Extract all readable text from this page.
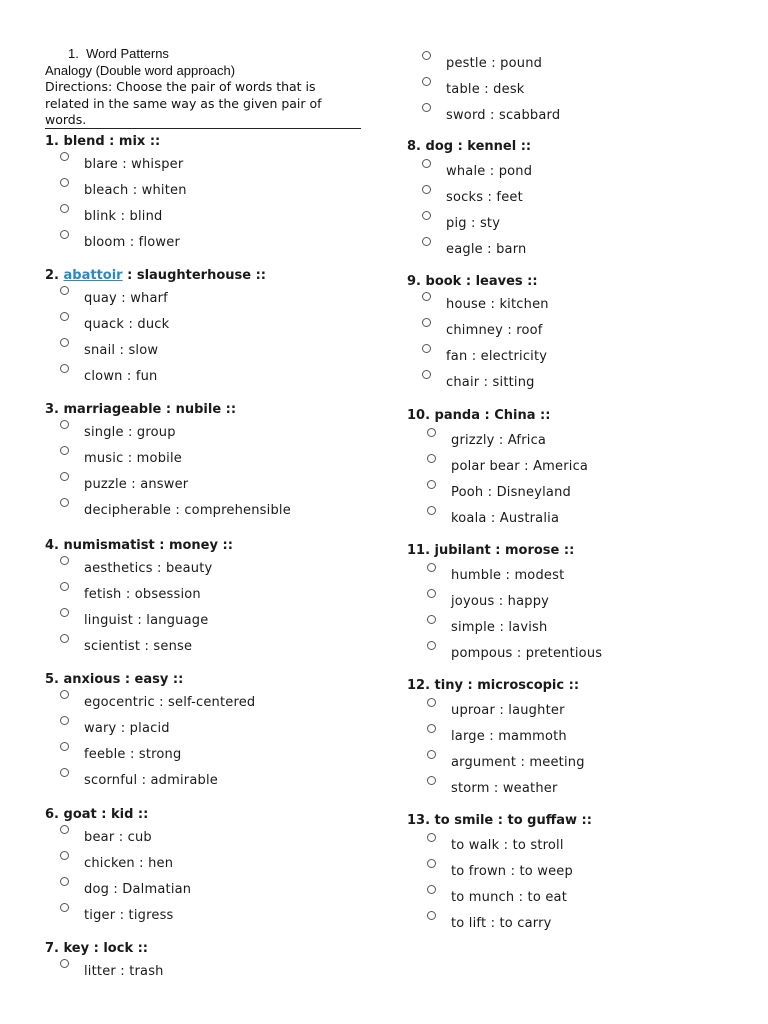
1. Word Patterns
Analogy (Double word approach)
Directions: Choose the pair of words that is related in the same way as the given pair of words.
1. blend : mix ::
blare : whisper
bleach : whiten
blink : blind
bloom : flower
2. abattoir : slaughterhouse ::
quay : wharf
quack : duck
snail : slow
clown : fun
3. marriageable : nubile ::
single : group
music : mobile
puzzle : answer
decipherable : comprehensible
4. numismatist : money ::
aesthetics : beauty
fetish : obsession
linguist : language
scientist : sense
5. anxious : easy ::
egocentric : self-centered
wary : placid
feeble : strong
scornful : admirable
6. goat : kid ::
bear : cub
chicken : hen
dog : Dalmatian
tiger : tigress
7. key : lock ::
litter : trash
pestle : pound
table : desk
sword : scabbard
8. dog : kennel ::
whale : pond
socks : feet
pig : sty
eagle : barn
9. book : leaves ::
house : kitchen
chimney : roof
fan : electricity
chair : sitting
10. panda : China ::
grizzly : Africa
polar bear : America
Pooh : Disneyland
koala : Australia
11. jubilant : morose ::
humble : modest
joyous : happy
simple : lavish
pompous : pretentious
12. tiny : microscopic ::
uproar : laughter
large : mammoth
argument : meeting
storm : weather
13. to smile : to guffaw ::
to walk : to stroll
to frown : to weep
to munch : to eat
to lift : to carry
